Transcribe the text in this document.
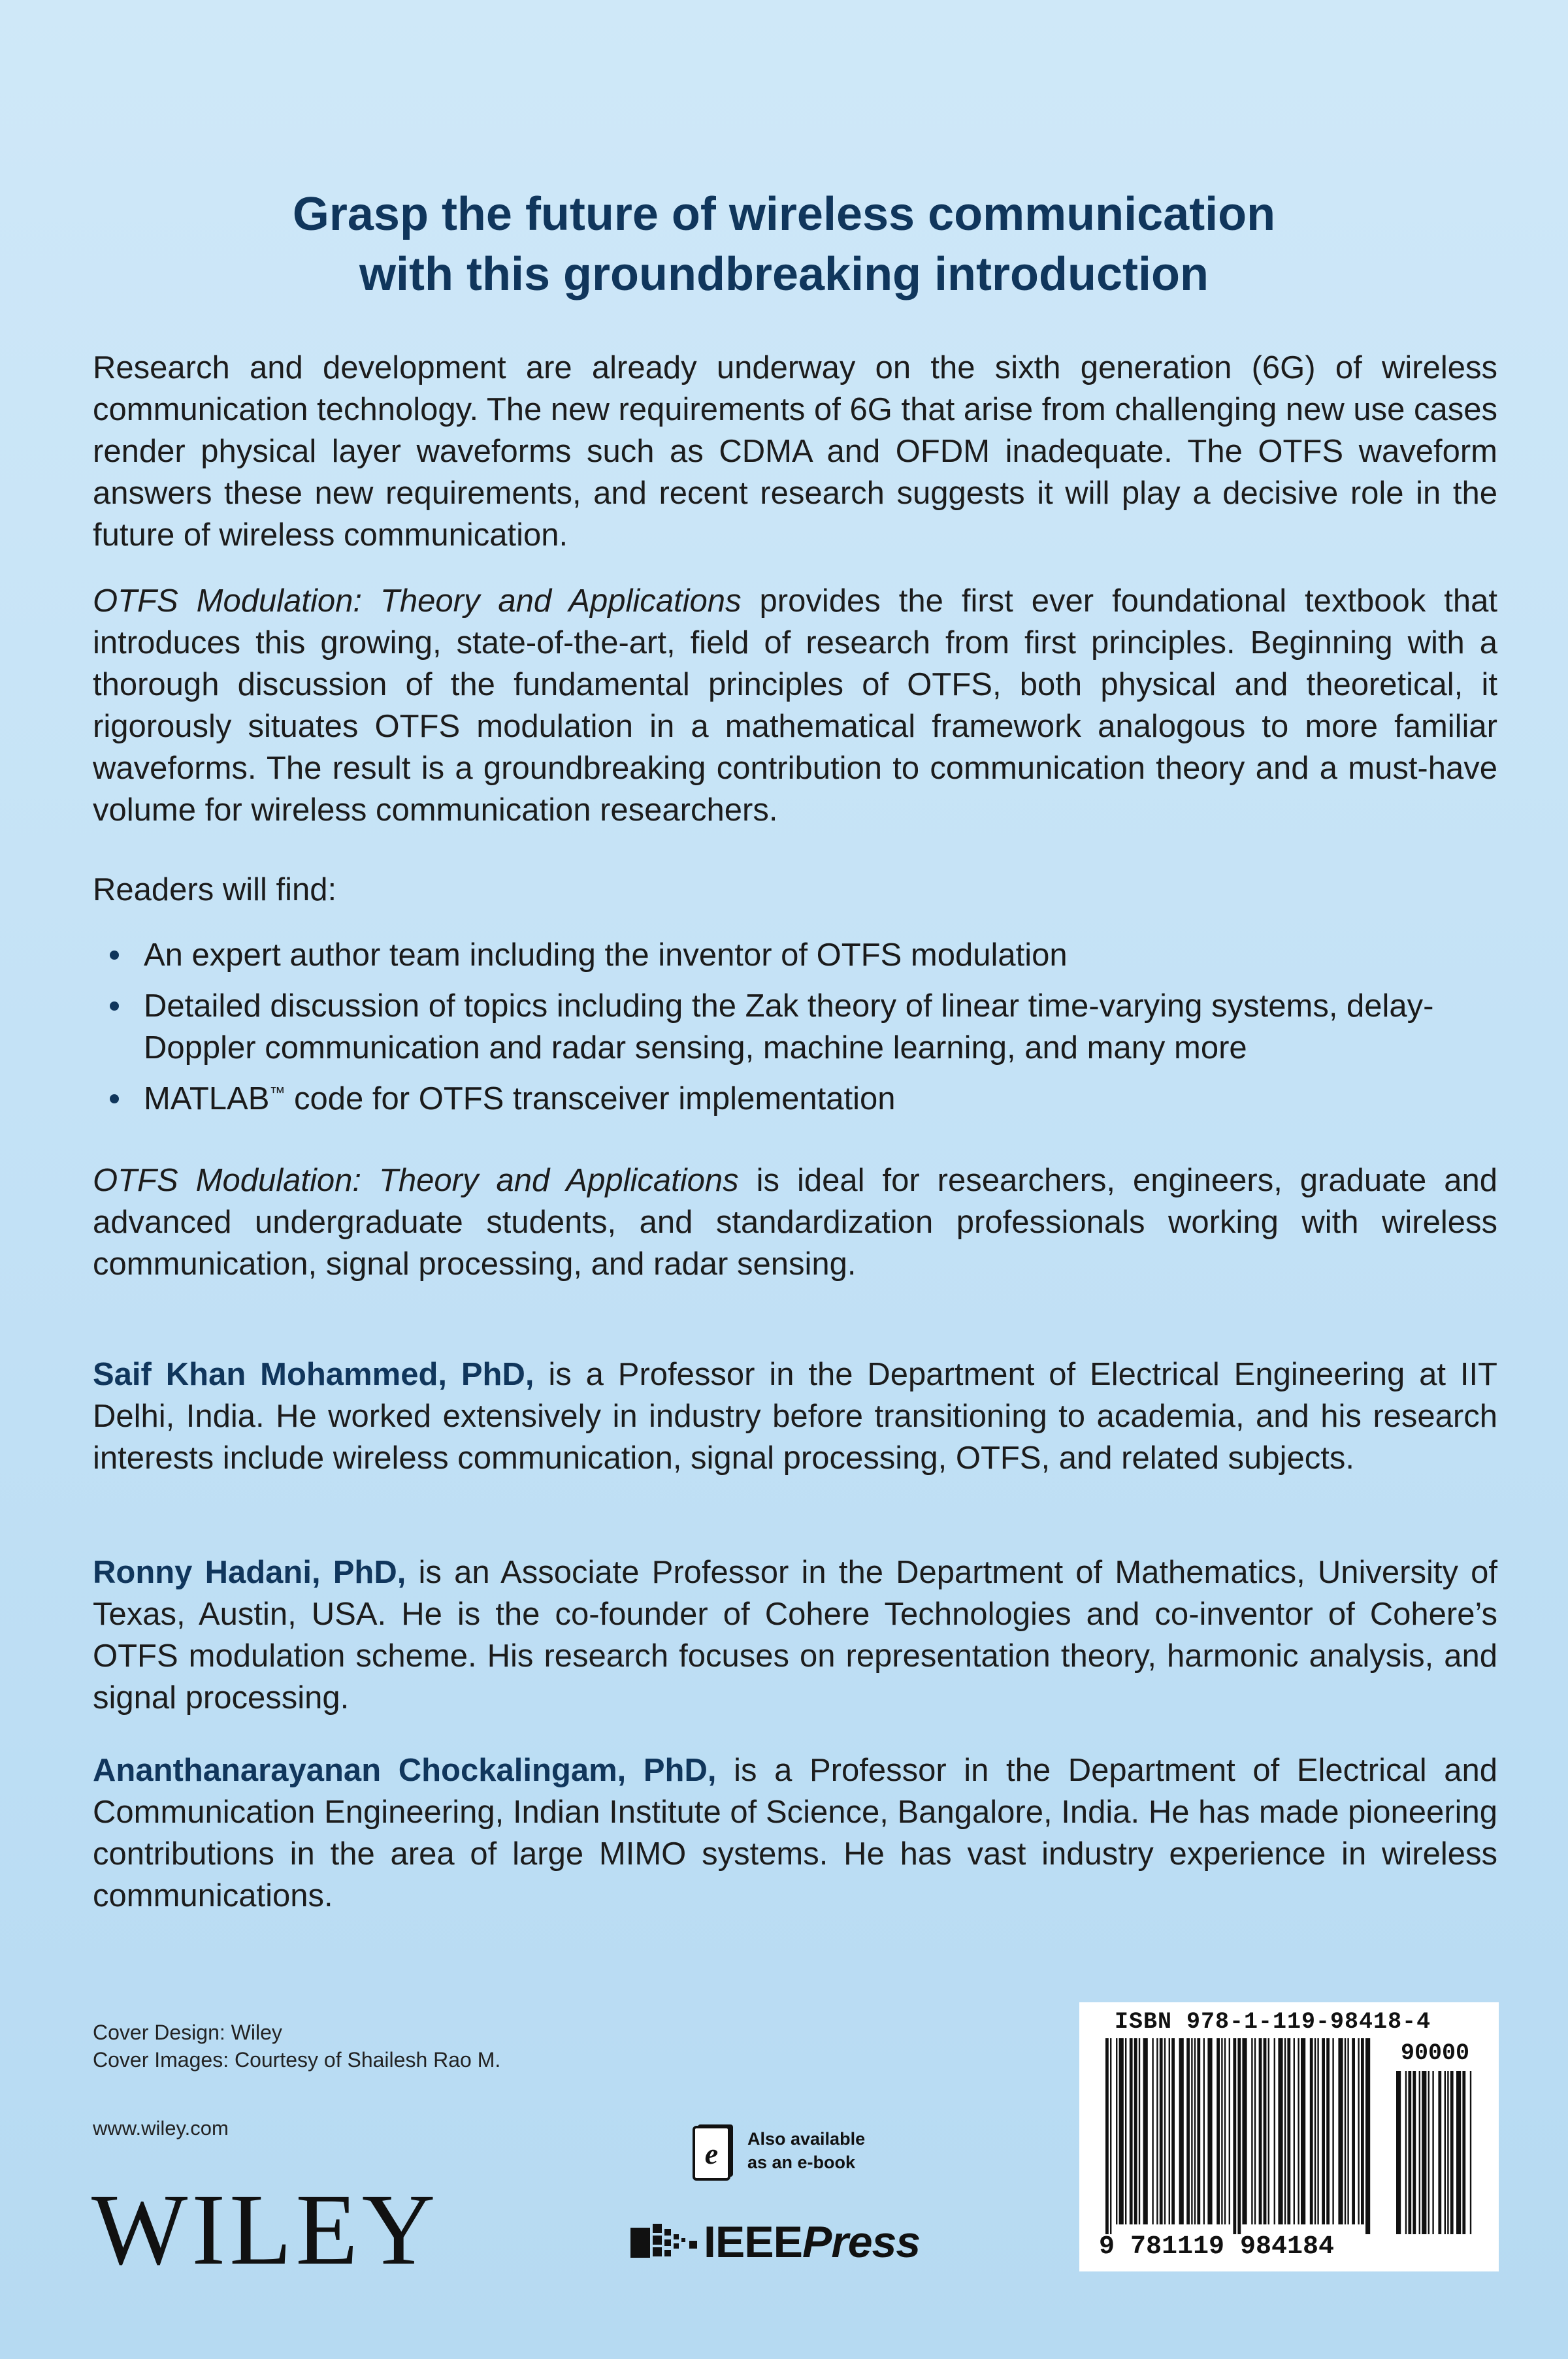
Grasp the future of wireless communication
with this groundbreaking introduction

Research and development are already underway on the sixth generation (6G) of wireless communication technology. The new requirements of 6G that arise from challenging new use cases render physical layer waveforms such as CDMA and OFDM inadequate. The OTFS waveform answers these new requirements, and recent research suggests it will play a decisive role in the future of wireless communication.

OTFS Modulation: Theory and Applications provides the first ever foundational textbook that introduces this growing, state-of-the-art, field of research from first principles. Beginning with a thorough discussion of the fundamental principles of OTFS, both physical and theoretical, it rigorously situates OTFS modulation in a mathematical framework analogous to more familiar waveforms. The result is a groundbreaking contribution to communication theory and a must-have volume for wireless communication researchers.

Readers will find:

An expert author team including the inventor of OTFS modulation
Detailed discussion of topics including the Zak theory of linear time-varying systems, delay-Doppler communication and radar sensing, machine learning, and many more
MATLAB™ code for OTFS transceiver implementation

OTFS Modulation: Theory and Applications is ideal for researchers, engineers, graduate and advanced undergraduate students, and standardization professionals working with wireless communication, signal processing, and radar sensing.

Saif Khan Mohammed, PhD, is a Professor in the Department of Electrical Engineering at IIT Delhi, India. He worked extensively in industry before transitioning to academia, and his research interests include wireless communication, signal processing, OTFS, and related subjects.

Ronny Hadani, PhD, is an Associate Professor in the Department of Mathematics, University of Texas, Austin, USA. He is the co-founder of Cohere Technologies and co-inventor of Cohere’s OTFS modulation scheme. His research focuses on representation theory, harmonic analysis, and signal processing.

Ananthanarayanan Chockalingam, PhD, is a Professor in the Department of Electrical and Communication Engineering, Indian Institute of Science, Bangalore, India. He has made pioneering contributions in the area of large MIMO systems. He has vast industry experience in wireless communications.

Cover Design: Wiley
Cover Images: Courtesy of Shailesh Rao M.
www.wiley.com
WILEY
e Also available
as an e-book
IEEEPress
ISBN 978-1-119-98418-4
90000
9 781119 984184
